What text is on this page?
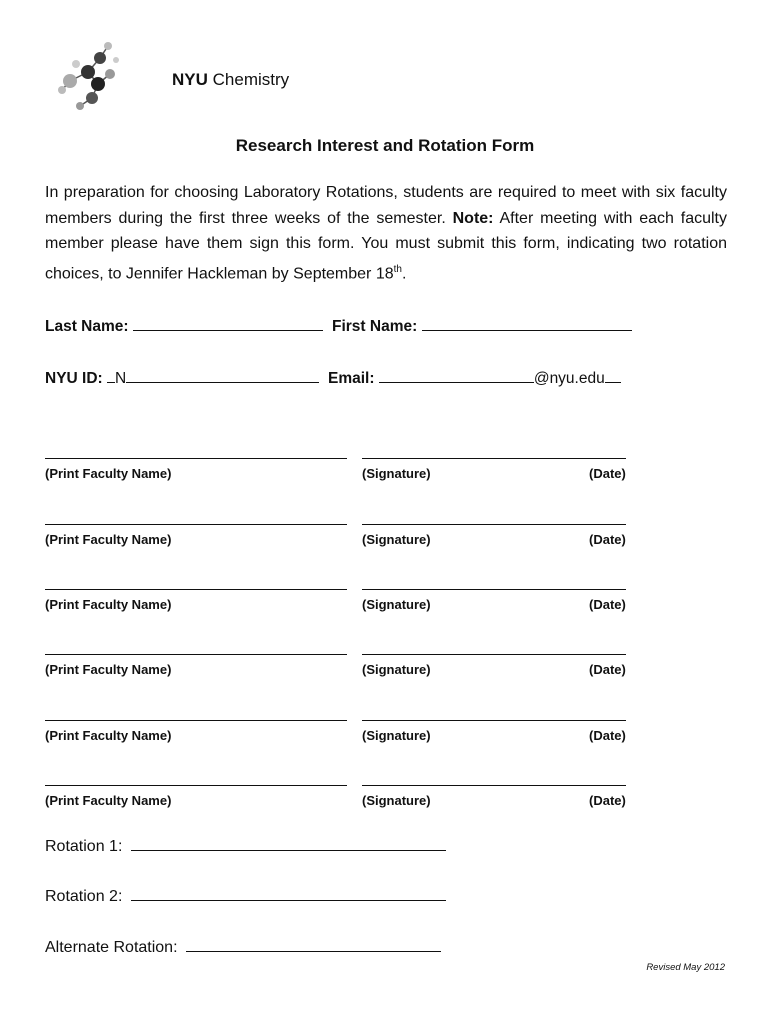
NYU Chemistry
Research Interest and Rotation Form
In preparation for choosing Laboratory Rotations, students are required to meet with six faculty members during the first three weeks of the semester. Note: After meeting with each faculty member please have them sign this form. You must submit this form, indicating two rotation choices, to Jennifer Hackleman by September 18th.
Last Name:	First Name:
NYU ID: N	Email:	@nyu.edu
(Print Faculty Name)	(Signature)	(Date)
(Print Faculty Name)	(Signature)	(Date)
(Print Faculty Name)	(Signature)	(Date)
(Print Faculty Name)	(Signature)	(Date)
(Print Faculty Name)	(Signature)	(Date)
(Print Faculty Name)	(Signature)	(Date)
Rotation 1:
Rotation 2:
Alternate Rotation:
Revised May 2012
